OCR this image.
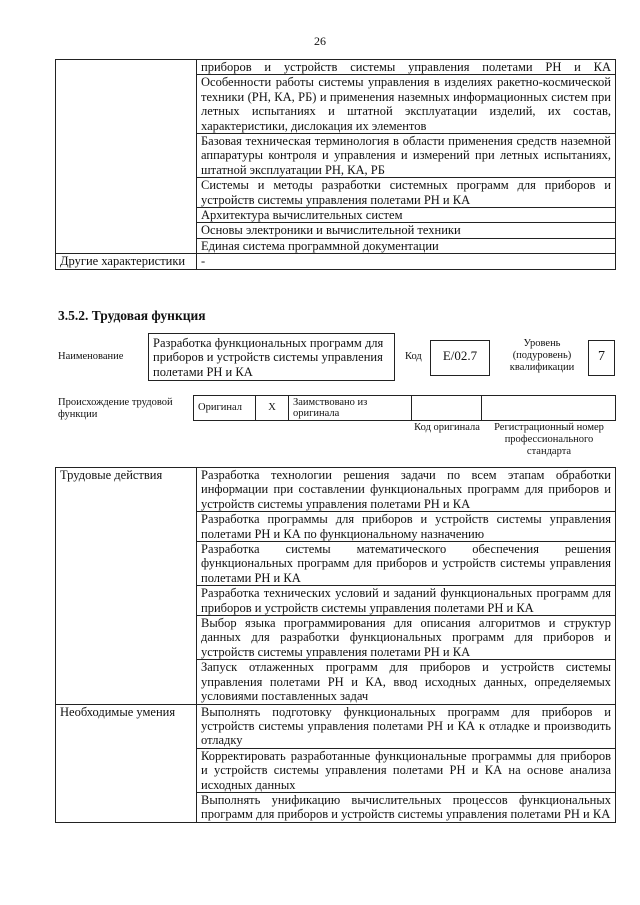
26
	приборов и устройств системы управления полетами РН и КА
	Особенности работы системы управления в изделиях ракетно-космической техники (РН, КА, РБ) и применения наземных информационных систем при летных испытаниях и штатной эксплуатации изделий, их состав, характеристики, дислокация их элементов
	Базовая техническая терминология в области применения средств наземной аппаратуры контроля и управления и измерений при летных испытаниях, штатной эксплуатации РН, КА, РБ
	Системы и методы разработки системных программ для приборов и устройств системы управления полетами РН и КА
	Архитектура вычислительных систем
	Основы электроники и вычислительной техники
	Единая система программной документации
Другие характеристики	-
3.5.2. Трудовая функция
Наименование
Разработка функциональных программ для приборов и устройств системы управления полетами РН и КА
Код	E/02.7
Уровень (подуровень) квалификации
7
Происхождение трудовой функции
Оригинал	X	Заимствовано из оригинала		
Код оригинала	Регистрационный номер профессионального стандарта
Трудовые действия	Разработка технологии решения задачи по всем этапам обработки информации при составлении функциональных программ для приборов и устройств системы управления полетами РН и КА
	Разработка программы для приборов и устройств системы управления полетами РН и КА по функциональному назначению
	Разработка системы математического обеспечения решения функциональных программ для приборов и устройств системы управления полетами РН и КА
	Разработка технических условий и заданий функциональных программ для приборов и устройств системы управления полетами РН и КА
	Выбор языка программирования для описания алгоритмов и структур данных для разработки функциональных программ для приборов и устройств системы управления полетами РН и КА
	Запуск отлаженных программ для приборов и устройств системы управления полетами РН и КА, ввод исходных данных, определяемых условиями поставленных задач
Необходимые умения	Выполнять подготовку функциональных программ для приборов и устройств системы управления полетами РН и КА к отладке и производить отладку
	Корректировать разработанные функциональные программы для приборов и устройств системы управления полетами РН и КА на основе анализа исходных данных
	Выполнять унификацию вычислительных процессов функциональных программ для приборов и устройств системы управления полетами РН и КА
